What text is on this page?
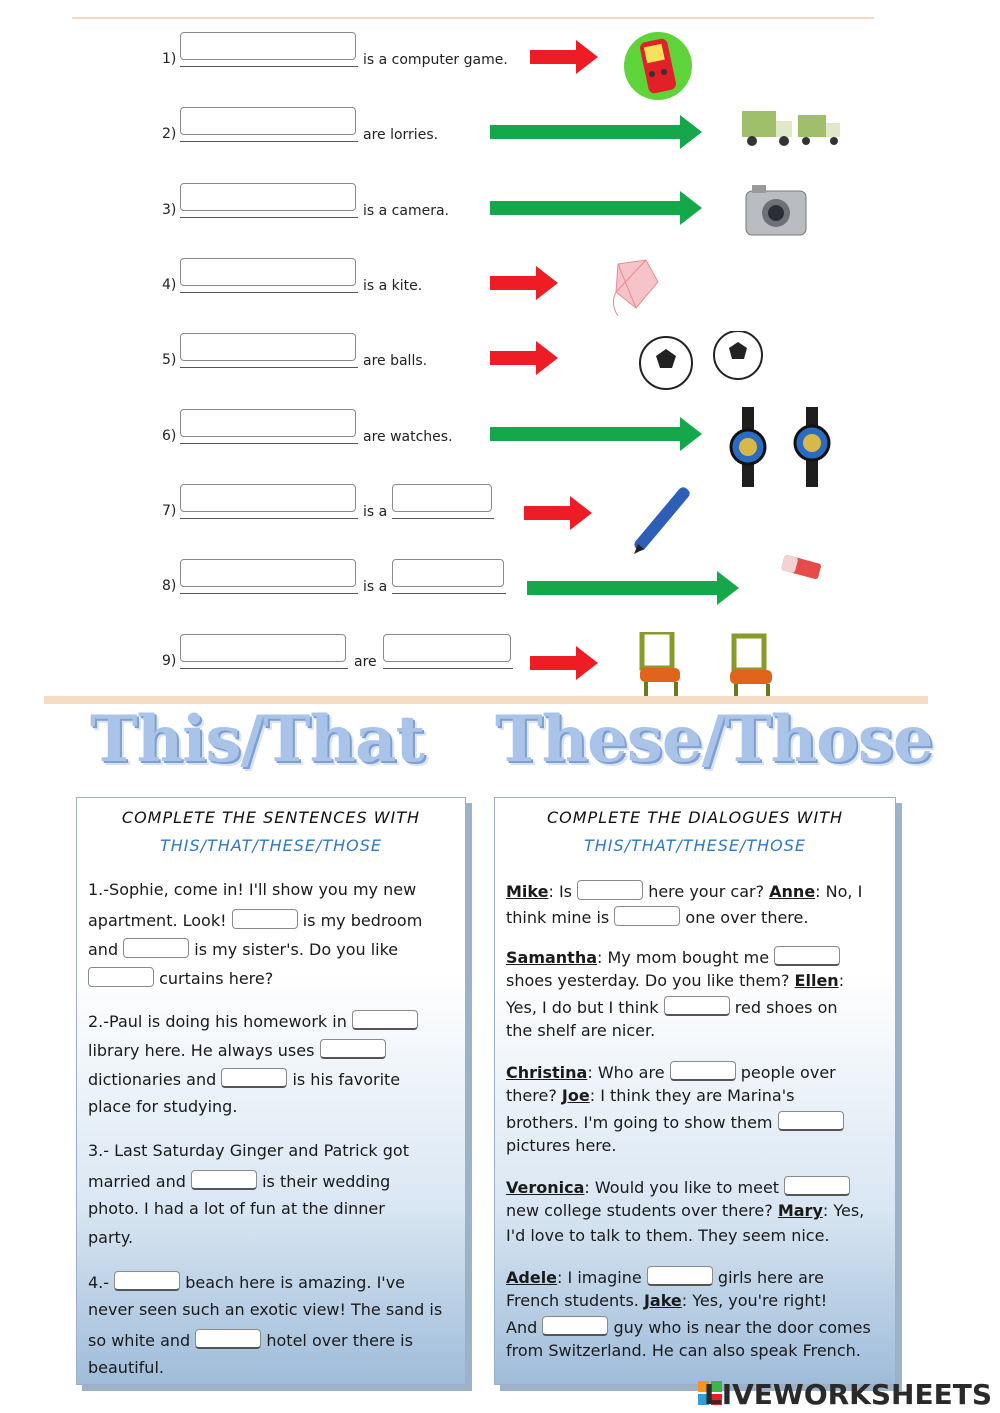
1)	is a computer game.
2)	are lorries.
3)	is a camera.
4)	is a kite.
5)	are balls.
6)	are watches.
7)	is a
8)	is a
9)	are
This/That These/Those
COMPLETE THE SENTENCES WITH
THIS/THAT/THESE/THOSE
1.-Sophie, come in! I'll show you my new
apartment. Look!	is my bedroom
and	is my sister's. Do you like
curtains here?
2.-Paul is doing his homework in
library here. He always uses
dictionaries and	is his favorite
place for studying.
3.- Last Saturday Ginger and Patrick got
married and	is their wedding
photo. I had a lot of fun at the dinner
party.
4.-	beach here is amazing. I've
never seen such an exotic view! The sand is
so white and	hotel over there is
beautiful.
COMPLETE THE DIALOGUES WITH
THIS/THAT/THESE/THOSE
Mike: Is	here your car? Anne: No, I
think mine is	one over there.
Samantha: My mom bought me
shoes yesterday. Do you like them? Ellen:
Yes, I do but I think	red shoes on
the shelf are nicer.
Christina: Who are	people over
there? Joe: I think they are Marina's
brothers. I'm going to show them
pictures here.
Veronica: Would you like to meet
new college students over there? Mary: Yes,
I'd love to talk to them. They seem nice.
Adele: I imagine	girls here are
French students. Jake: Yes, you're right!
And	guy who is near the door comes
from Switzerland. He can also speak French.
LIVEWORKSHEETS
